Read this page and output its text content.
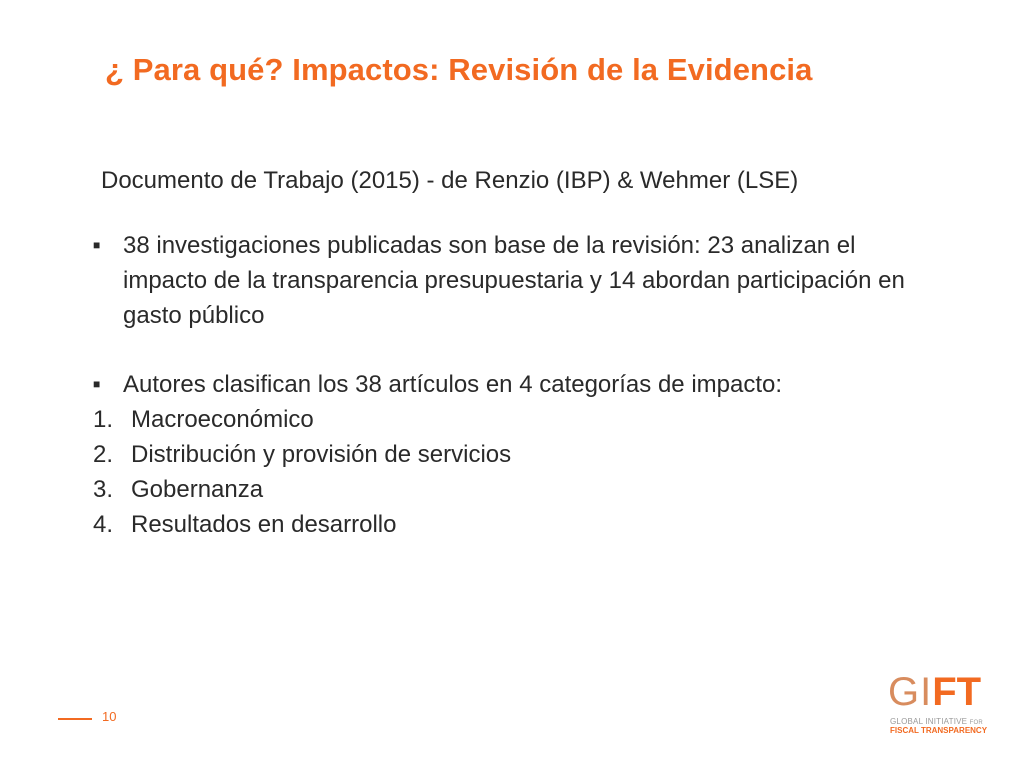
¿ Para qué? Impactos: Revisión de la Evidencia

Documento de Trabajo (2015) - de Renzio (IBP) & Wehmer (LSE)

■ 38 investigaciones publicadas son base de la revisión: 23 analizan el impacto de la transparencia presupuestaria y 14 abordan participación en gasto público
■ Autores clasifican los 38 artículos en 4 categorías de impacto:
1. Macroeconómico
2. Distribución y provisión de servicios
3. Gobernanza
4. Resultados en desarrollo
10
GIFT
GLOBAL INITIATIVE FOR
FISCAL TRANSPARENCY
